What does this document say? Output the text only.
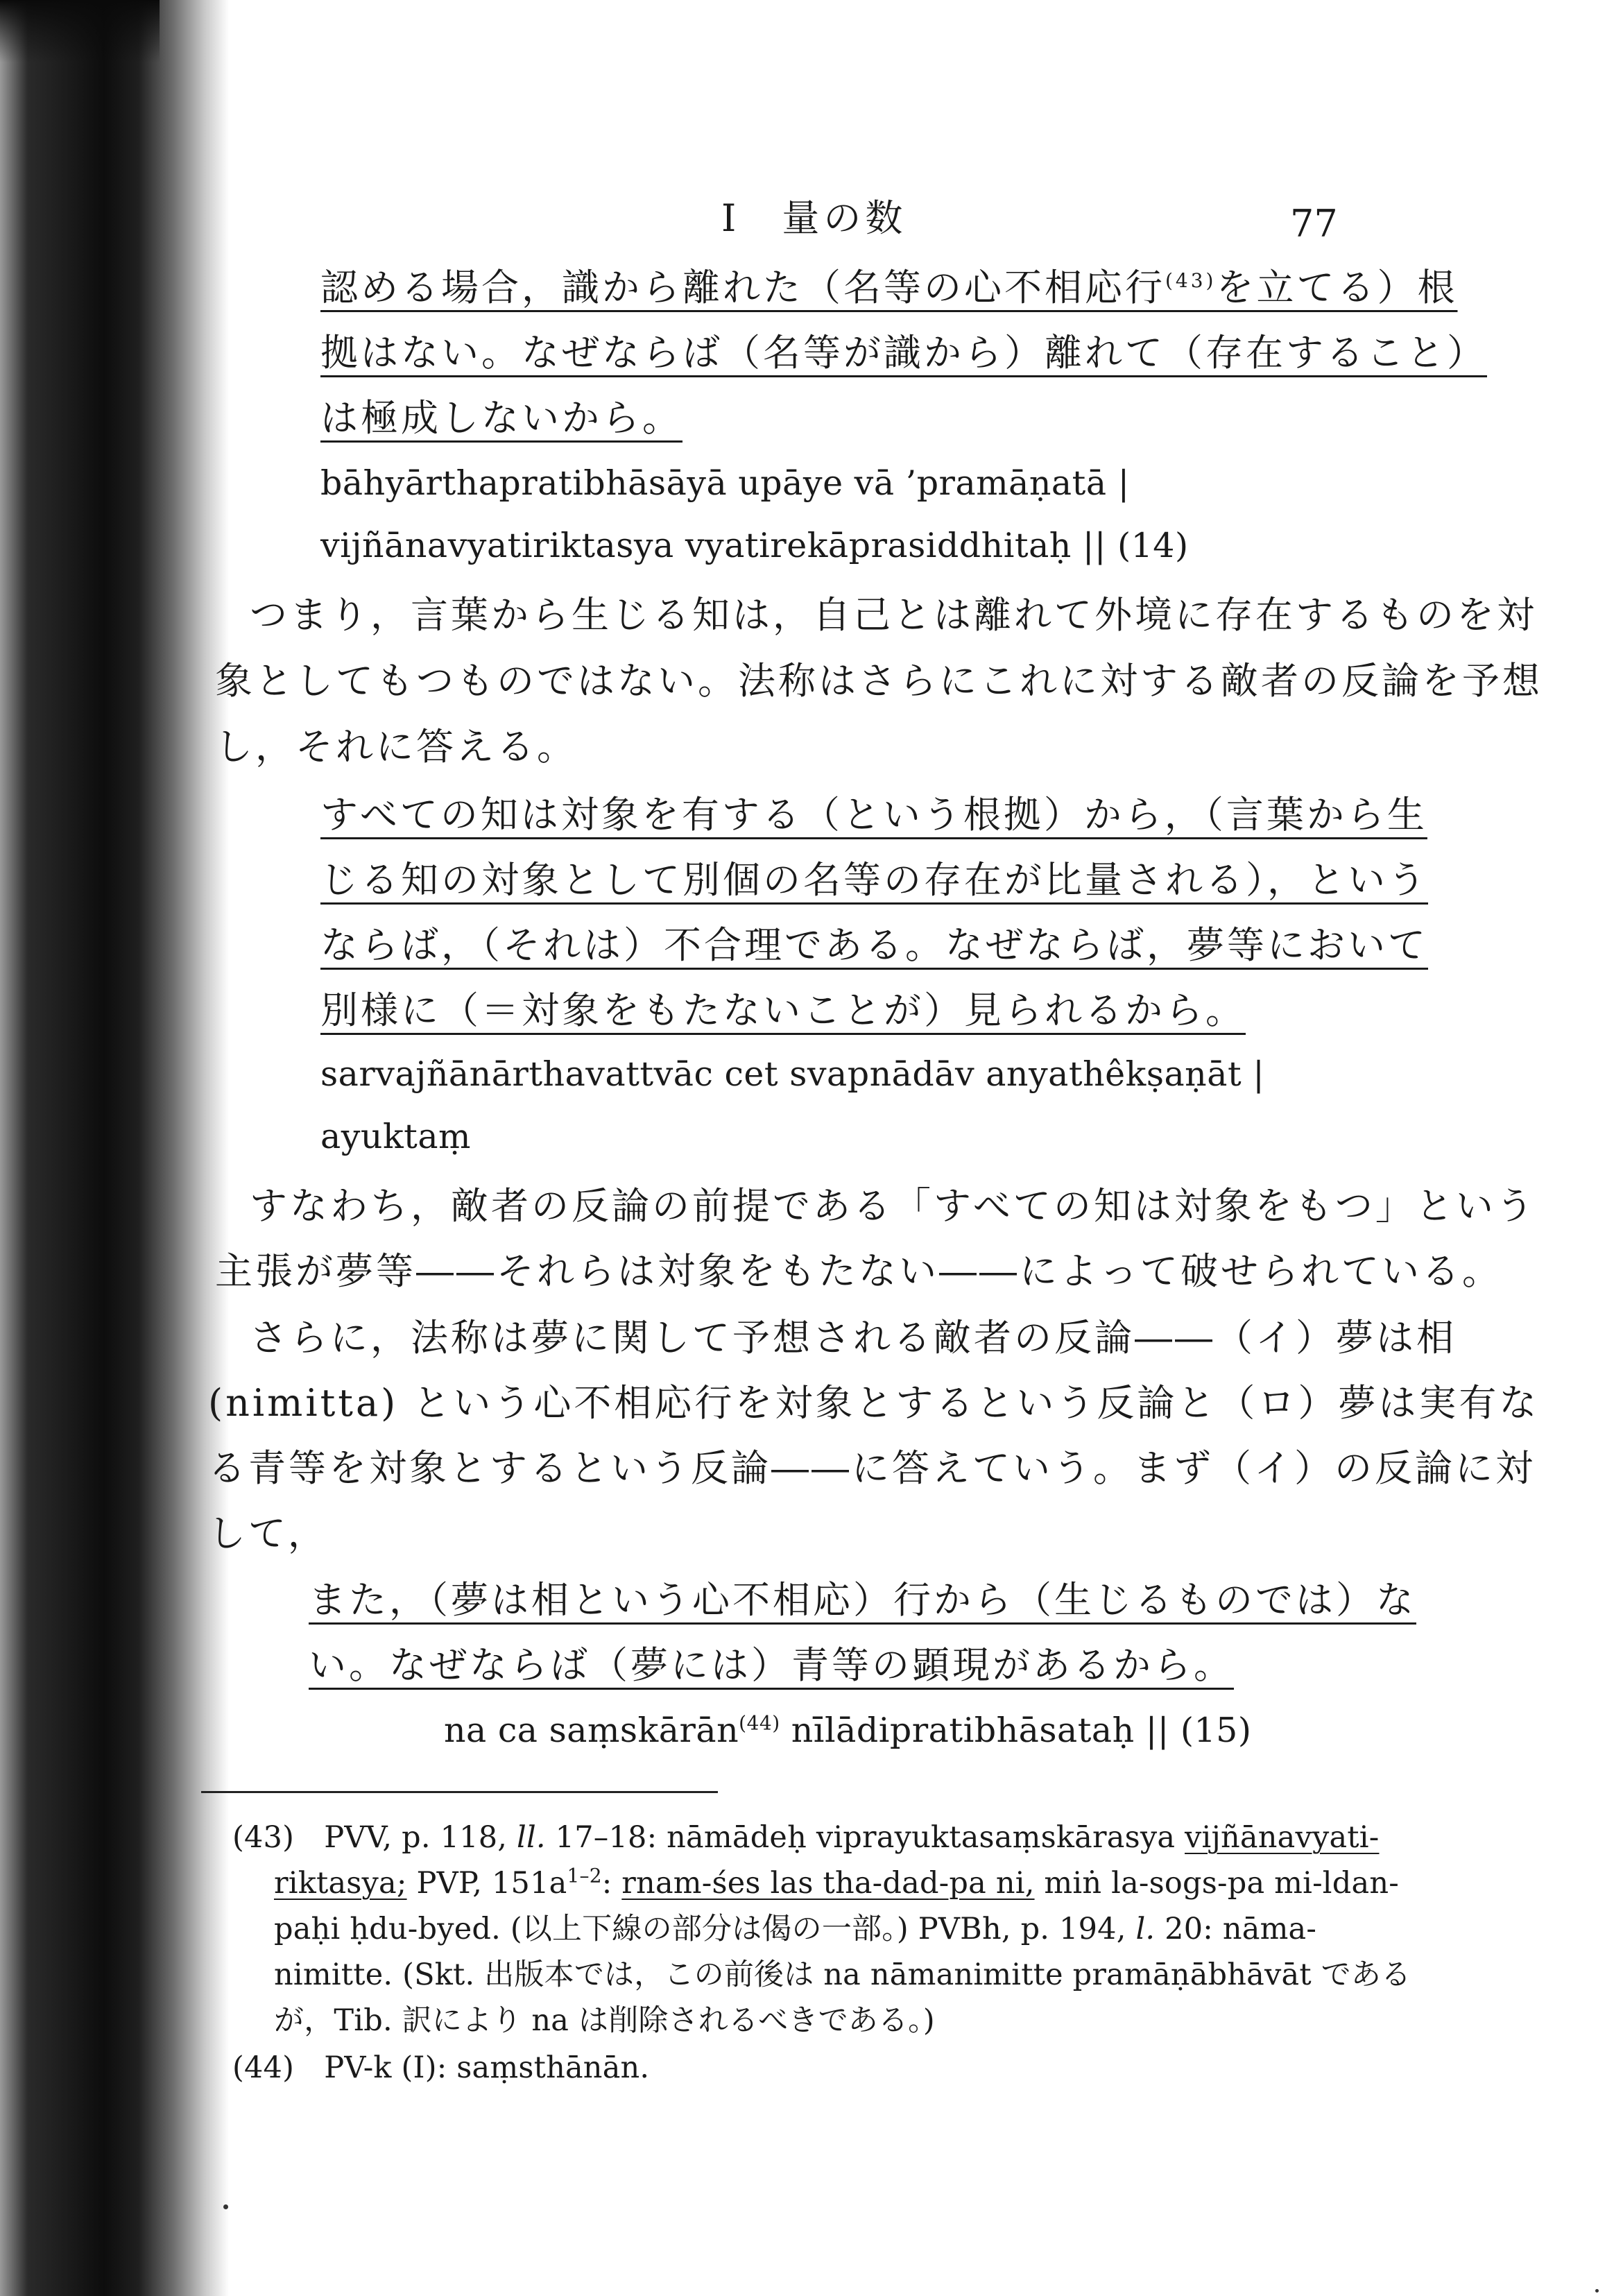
I　量の数	77
認める場合，識から離れた（名等の心不相応行$^{(43)}$を立てる）根
拠はない。なぜならば（名等が識から）離れて（存在すること）
は極成しないから。
bāhyārthapratibhāsāyā upāye vā ’pramāṇatā |
vijñānavyatiriktasya vyatirekāprasiddhitaḥ || (14)
つまり，言葉から生じる知は，自己とは離れて外境に存在するものを対
象としてもつものではない。法称はさらにこれに対する敵者の反論を予想
し，それに答える。
すべての知は対象を有する（という根拠）から，（言葉から生
じる知の対象として別個の名等の存在が比量される），という
ならば，（それは）不合理である。なぜならば，夢等において
別様に（＝対象をもたないことが）見られるから。
sarvajñānārthavattvāc cet svapnādāv anyathêkṣaṇāt |
ayuktaṃ
すなわち，敵者の反論の前提である「すべての知は対象をもつ」という
主張が夢等――それらは対象をもたない――によって破せられている。
さらに，法称は夢に関して予想される敵者の反論――（イ）夢は相
(nimitta) という心不相応行を対象とするという反論と（ロ）夢は実有な
る青等を対象とするという反論――に答えていう。まず（イ）の反論に対
して，
また，（夢は相という心不相応）行から（生じるものでは）な
い。なぜならば（夢には）青等の顕現があるから。
na ca saṃskārān$^{(44)}$ nīlādipratibhāsataḥ || (15)
(43)　PVV, p. 118, ll. 17–18: nāmādeḥ viprayuktasaṃskārasya vijñānavyati-
riktasya; PVP, $151a^{1-2}$: rnam-śes las tha-dad-pa ni, miṅ la-sogs-pa mi-ldan-
paḥi ḥdu-byed. (以上下線の部分は偈の一部。) PVBh, p. 194, l. 20: nāma-
nimitte. (Skt. 出版本では，この前後は na nāmanimitte pramāṇābhāvāt である
が，Tib. 訳により na は削除されるべきである。)
(44)　PV-k (I): saṃsthānān.
